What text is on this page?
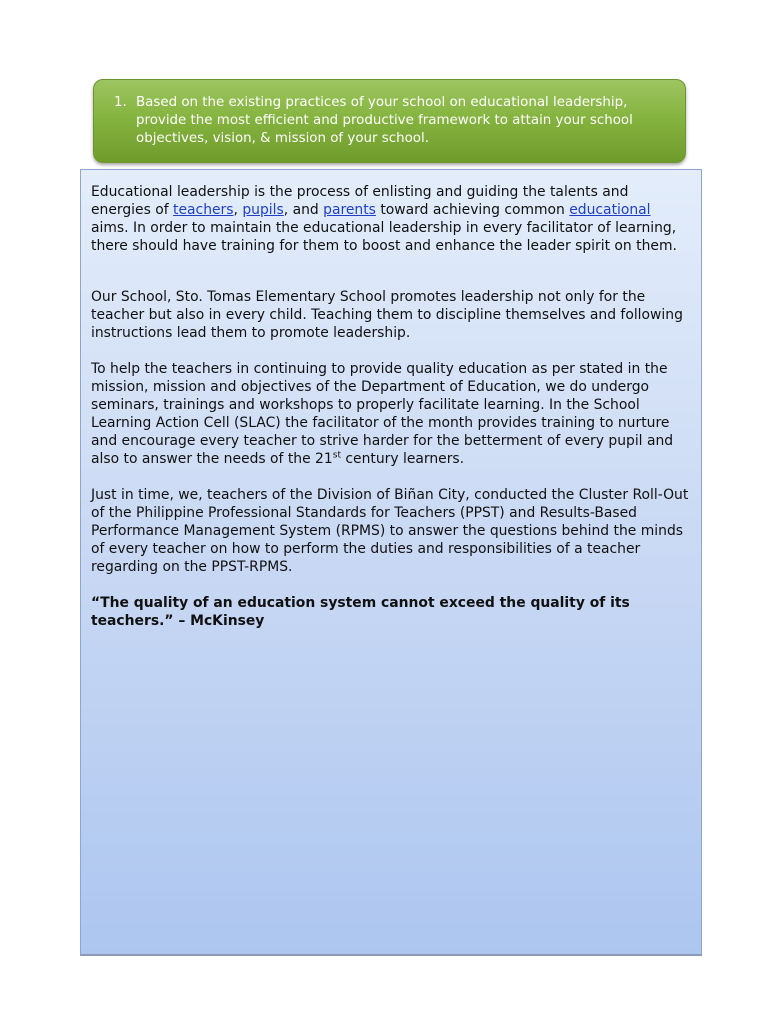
1. Based on the existing practices of your school on educational leadership, provide the most efficient and productive framework to attain your school objectives, vision, & mission of your school.

Educational leadership is the process of enlisting and guiding the talents and energies of teachers, pupils, and parents toward achieving common educational aims. In order to maintain the educational leadership in every facilitator of learning, there should have training for them to boost and enhance the leader spirit on them.

Our School, Sto. Tomas Elementary School promotes leadership not only for the teacher but also in every child. Teaching them to discipline themselves and following instructions lead them to promote leadership.

To help the teachers in continuing to provide quality education as per stated in the mission, mission and objectives of the Department of Education, we do undergo seminars, trainings and workshops to properly facilitate learning. In the School Learning Action Cell (SLAC) the facilitator of the month provides training to nurture and encourage every teacher to strive harder for the betterment of every pupil and also to answer the needs of the 21st century learners.

Just in time, we, teachers of the Division of Biñan City, conducted the Cluster Roll-Out of the Philippine Professional Standards for Teachers (PPST) and Results-Based Performance Management System (RPMS) to answer the questions behind the minds of every teacher on how to perform the duties and responsibilities of a teacher regarding on the PPST-RPMS.

“The quality of an education system cannot exceed the quality of its teachers.” – McKinsey
